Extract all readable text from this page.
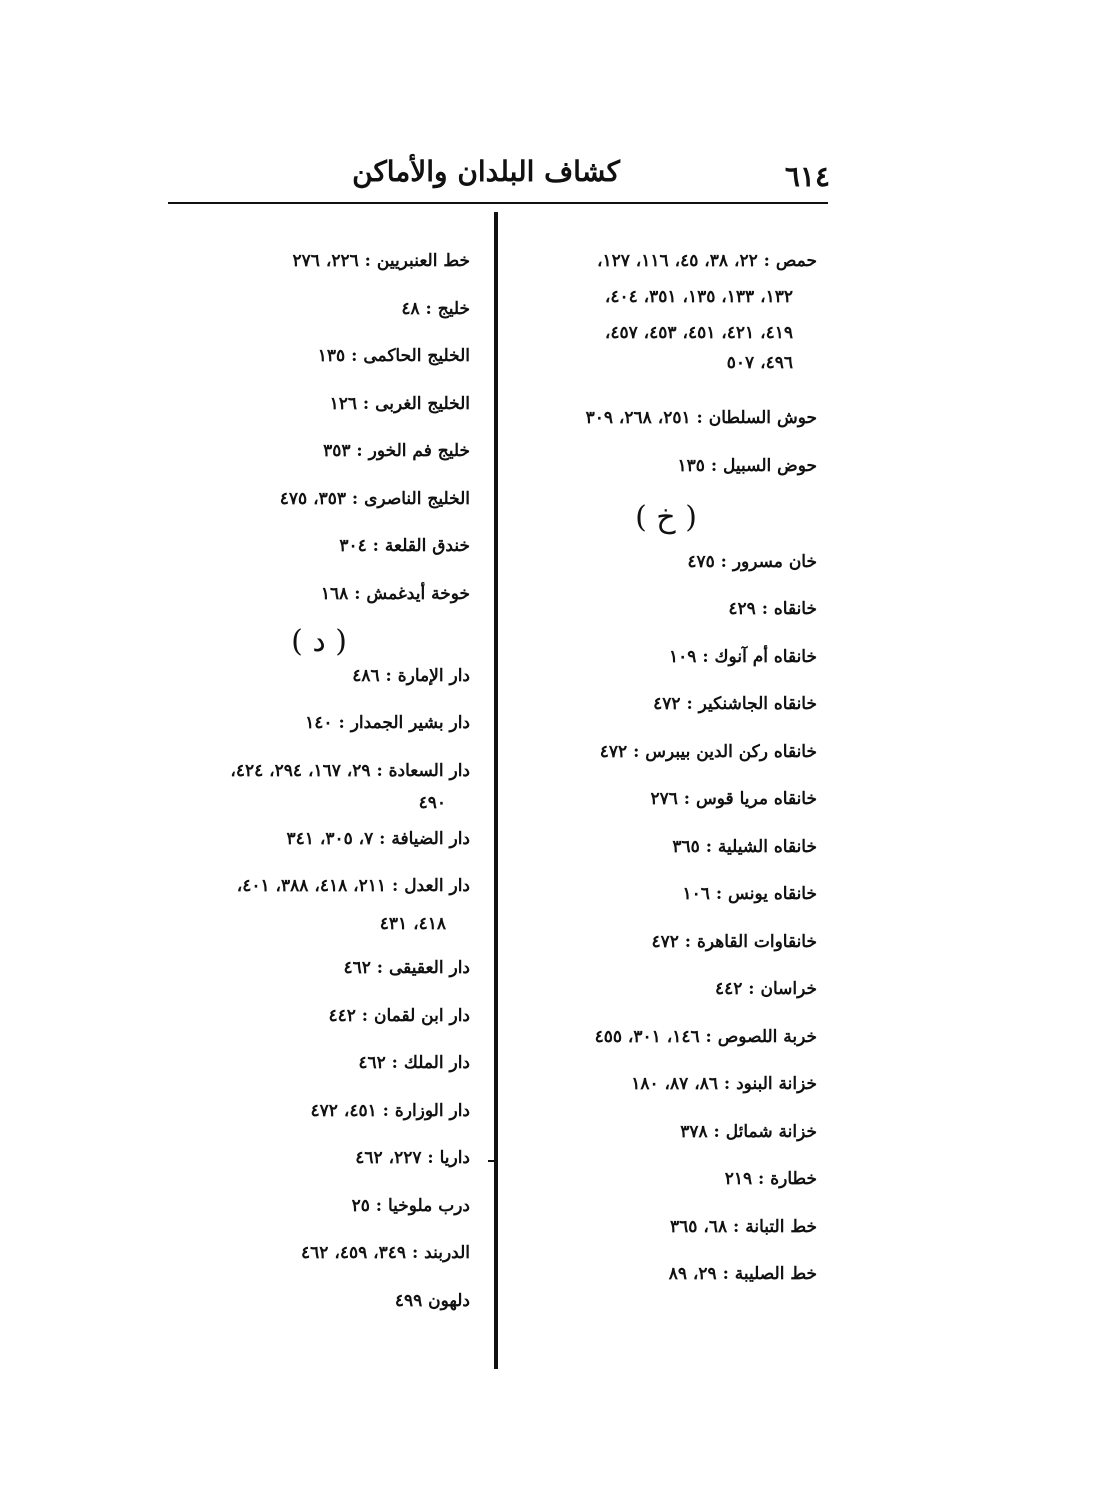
٦١٤
كشاف البلدان والأماكن
حمص : ٢٢، ٣٨، ٤٥، ١١٦، ١٢٧،
١٣٢، ١٣٣، ١٣٥، ٣٥١، ٤٠٤،
٤١٩، ٤٢١، ٤٥١، ٤٥٣، ٤٥٧،
٤٩٦، ٥٠٧
حوش السلطان : ٢٥١، ٢٦٨، ٣٠٩
حوض السبيل : ١٣٥
( خ )
خان مسرور : ٤٧٥
خانقاه : ٤٢٩
خانقاه أم آنوك : ١٠٩
خانقاه الجاشنكير : ٤٧٢
خانقاه ركن الدين بيبرس : ٤٧٢
خانقاه مريا قوس : ٢٧٦
خانقاه الشيلية : ٣٦٥
خانقاه يونس : ١٠٦
خانقاوات القاهرة : ٤٧٢
خراسان : ٤٤٢
خربة اللصوص : ١٤٦، ٣٠١، ٤٥٥
خزانة البنود : ٨٦، ٨٧، ١٨٠
خزانة شمائل : ٣٧٨
خطارة : ٢١٩
خط التبانة : ٦٨، ٣٦٥
خط الصليبة : ٢٩، ٨٩
خط العنبريين : ٢٢٦، ٢٧٦
خليج : ٤٨
الخليج الحاكمى : ١٣٥
الخليج الغربى : ١٢٦
خليج فم الخور : ٣٥٣
الخليج الناصرى : ٣٥٣، ٤٧٥
خندق القلعة : ٣٠٤
خوخة أيدغمش : ١٦٨
( د )
دار الإمارة : ٤٨٦
دار بشير الجمدار : ١٤٠
دار السعادة : ٢٩، ١٦٧، ٢٩٤، ٤٢٤،
٤٩٠
دار الضيافة : ٧، ٣٠٥، ٣٤١
دار العدل : ٢١١، ٤١٨، ٣٨٨، ٤٠١،
٤١٨، ٤٣١
دار العقيقى : ٤٦٢
دار ابن لقمان : ٤٤٢
دار الملك : ٤٦٢
دار الوزارة : ٤٥١، ٤٧٢
داريا : ٢٢٧، ٤٦٢
درب ملوخيا : ٢٥
الدربند : ٣٤٩، ٤٥٩، ٤٦٢
دلهون ٤٩٩
